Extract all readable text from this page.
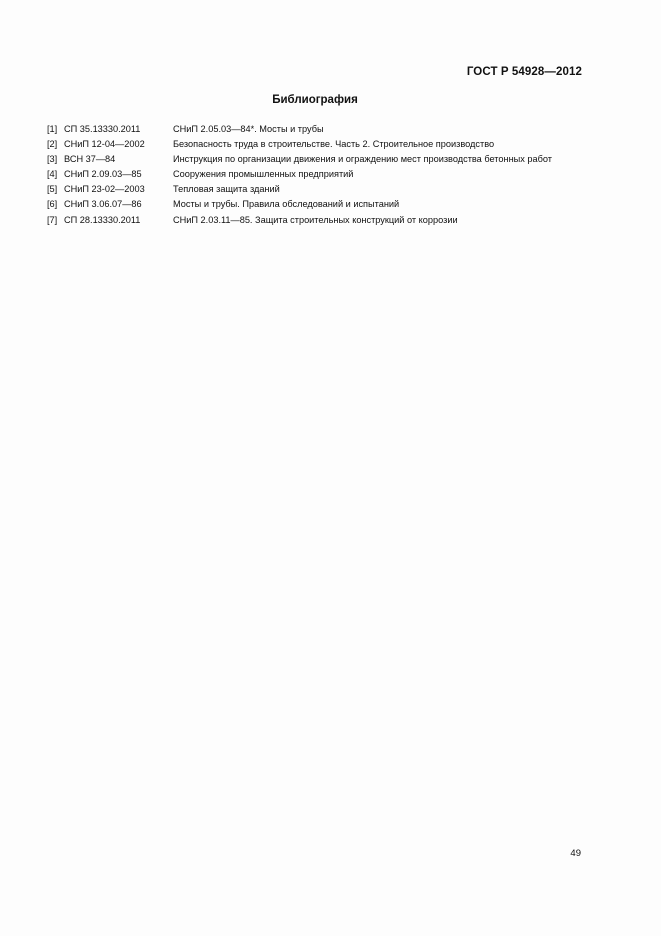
ГОСТ Р 54928—2012
Библиография
[1] СП 35.13330.2011	СНиП 2.05.03—84*. Мосты и трубы
[2] СНиП 12-04—2002	Безопасность труда в строительстве. Часть 2. Строительное производство
[3] ВСН 37—84	Инструкция по организации движения и ограждению мест производства бетонных работ
[4] СНиП 2.09.03—85	Сооружения промышленных предприятий
[5] СНиП 23-02—2003	Тепловая защита зданий
[6] СНиП 3.06.07—86	Мосты и трубы. Правила обследований и испытаний
[7] СП 28.13330.2011	СНиП 2.03.11—85. Защита строительных конструкций от коррозии
49
